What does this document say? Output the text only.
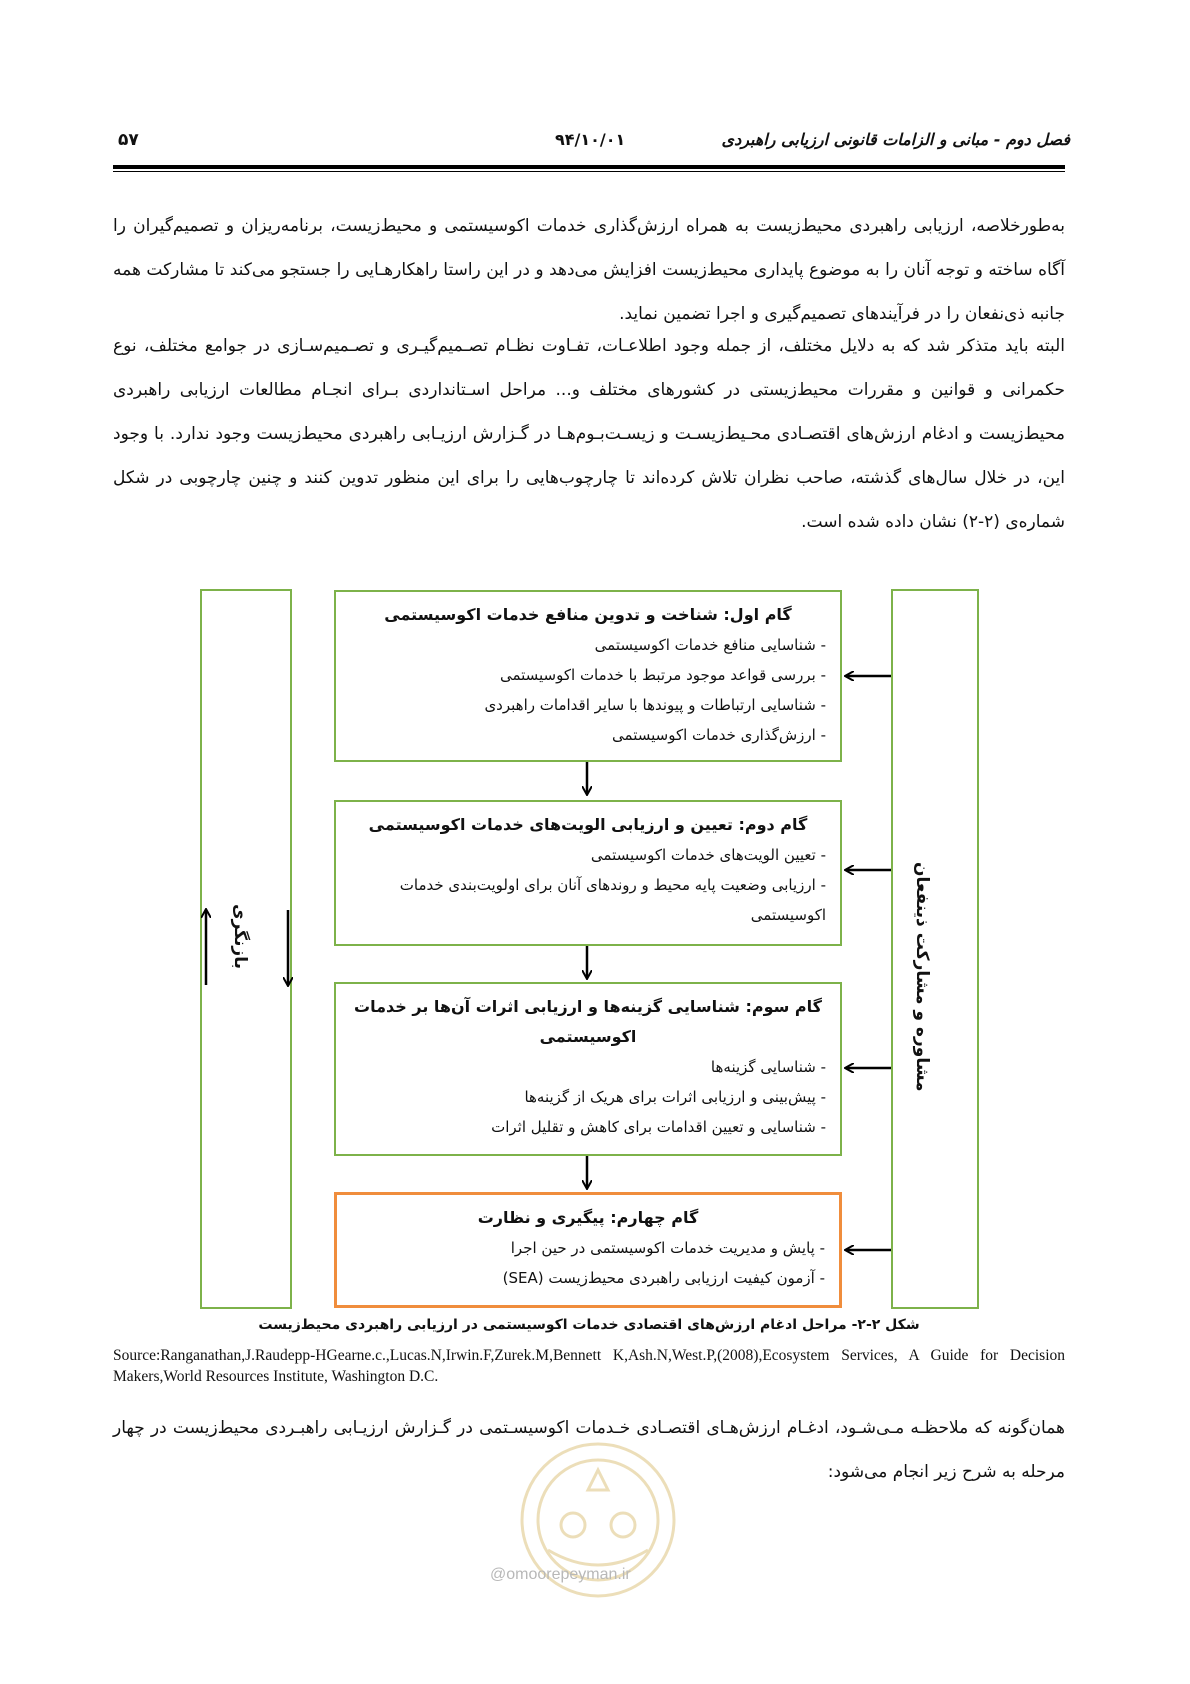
فصل دوم - مبانی و الزامات قانونی ارزیابی راهبردی
۹۴/۱۰/۰۱
۵۷

به‌طورخلاصه، ارزیابی راهبردی محیط‌زیست به همراه ارزش‌گذاری خدمات اکوسیستمی و محیط‌زیست، برنامه‌ریزان و تصمیم‌گیران را آگاه ساخته و توجه آنان را به موضوع پایداری محیط‌زیست افزایش می‌دهد و در این راستا راهکارهـایی را جستجو می‌کند تا مشارکت همه جانبه ذی‌نفعان را در فرآیندهای تصمیم‌گیری و اجرا تضمین نماید.

البته باید متذکر شد که به دلایل مختلف، از جمله وجود اطلاعـات، تفـاوت نظـام تصـمیم‌گیـری و تصـمیم‌سـازی در جوامع مختلف، نوع حکمرانی و قوانین و مقررات محیط‌زیستی در کشورهای مختلف و... مراحل اسـتانداردی بـرای انجـام مطالعات ارزیابی راهبردی محیط‌زیست و ادغام ارزش‌های اقتصـادی محـیط‌زیسـت و زیسـت‌بـوم‌هـا در گـزارش ارزیـابی راهبردی محیط‌زیست وجود ندارد. با وجود این، در خلال سال‌های گذشته، صاحب نظران تلاش کرده‌اند تا چارچوب‌هایی را برای این منظور تدوین کنند و چنین چارچوبی در شکل شماره‌ی (۲-۲) نشان داده شده است.

بازنگری	مشاوره و مشارکت ذینفعان
گام اول: شناخت و تدوین منافع خدمات اکوسیستمی
- شناسایی منافع خدمات اکوسیستمی
- بررسی قواعد موجود مرتبط با خدمات اکوسیستمی
- شناسایی ارتباطات و پیوندها با سایر اقدامات راهبردی
- ارزش‌گذاری خدمات اکوسیستمی
گام دوم: تعیین و ارزیابی الویت‌های خدمات اکوسیستمی
- تعیین الویت‌های خدمات اکوسیستمی
- ارزیابی وضعیت پایه محیط و روندهای آنان برای اولویت‌بندی خدمات اکوسیستمی
گام سوم: شناسایی گزینه‌ها و ارزیابی اثرات آن‌ها بر خدمات اکوسیستمی
- شناسایی گزینه‌ها
- پیش‌بینی و ارزیابی اثرات برای هریک از گزینه‌ها
- شناسایی و تعیین اقدامات برای کاهش و تقلیل اثرات
گام چهارم: پیگیری و نظارت
- پایش و مدیریت خدمات اکوسیستمی در حین اجرا
- آزمون کیفیت ارزیابی راهبردی محیط‌زیست (SEA)
شکل ۲-۲- مراحل ادغام ارزش‌های اقتصادی خدمات اکوسیستمی در ارزیابی راهبردی محیط‌زیست
Source:Ranganathan,J.Raudepp-HGearne.c.,Lucas.N,Irwin.F,Zurek.M,Bennett K,Ash.N,West.P,(2008),Ecosystem Services, A Guide for Decision Makers,World Resources Institute, Washington D.C.

همان‌گونه که ملاحظـه مـی‌شـود، ادغـام ارزش‌هـای اقتصـادی خـدمات اکوسیسـتمی در گـزارش ارزیـابی راهبـردی محیط‌زیست در چهار مرحله به شرح زیر انجام می‌شود:

@omoorepeyman.ir
